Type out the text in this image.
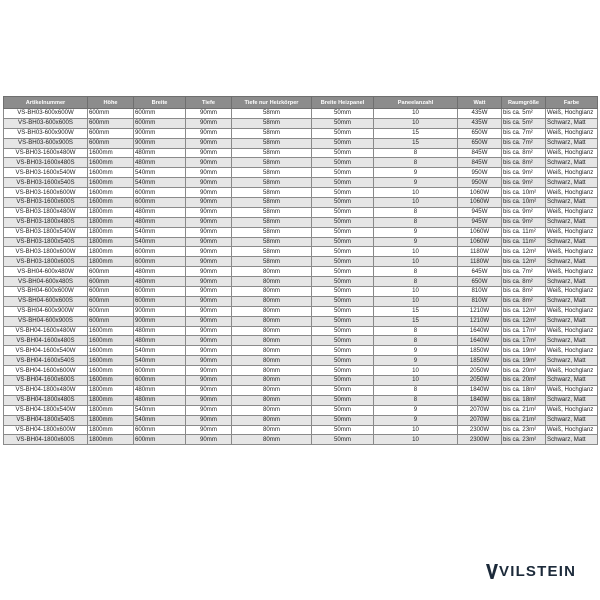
Artikelnummer	Höhe	Breite	Tiefe	Tiefe nur Heizkörper	Breite Heizpanel	Paneelanzahl	Watt	Raumgröße	Farbe
VS-BH03-600x600W	600mm	600mm	90mm	58mm	50mm	10	435W	bis ca. 5m²	Weiß, Hochglanz
VS-BH03-600x600S	600mm	600mm	90mm	58mm	50mm	10	435W	bis ca. 5m²	Schwarz, Matt
VS-BH03-600x900W	600mm	900mm	90mm	58mm	50mm	15	650W	bis ca. 7m²	Weiß, Hochglanz
VS-BH03-600x900S	600mm	900mm	90mm	58mm	50mm	15	650W	bis ca. 7m²	Schwarz, Matt
VS-BH03-1600x480W	1600mm	480mm	90mm	58mm	50mm	8	845W	bis ca. 8m²	Weiß, Hochglanz
VS-BH03-1600x480S	1600mm	480mm	90mm	58mm	50mm	8	845W	bis ca. 8m²	Schwarz, Matt
VS-BH03-1600x540W	1600mm	540mm	90mm	58mm	50mm	9	950W	bis ca. 9m²	Weiß, Hochglanz
VS-BH03-1600x540S	1600mm	540mm	90mm	58mm	50mm	9	950W	bis ca. 9m²	Schwarz, Matt
VS-BH03-1600x600W	1600mm	600mm	90mm	58mm	50mm	10	1060W	bis ca. 10m²	Weiß, Hochglanz
VS-BH03-1600x600S	1600mm	600mm	90mm	58mm	50mm	10	1060W	bis ca. 10m²	Schwarz, Matt
VS-BH03-1800x480W	1800mm	480mm	90mm	58mm	50mm	8	945W	bis ca. 9m²	Weiß, Hochglanz
VS-BH03-1800x480S	1800mm	480mm	90mm	58mm	50mm	8	945W	bis ca. 9m²	Schwarz, Matt
VS-BH03-1800x540W	1800mm	540mm	90mm	58mm	50mm	9	1060W	bis ca. 11m²	Weiß, Hochglanz
VS-BH03-1800x540S	1800mm	540mm	90mm	58mm	50mm	9	1060W	bis ca. 11m²	Schwarz, Matt
VS-BH03-1800x600W	1800mm	600mm	90mm	58mm	50mm	10	1180W	bis ca. 12m²	Weiß, Hochglanz
VS-BH03-1800x600S	1800mm	600mm	90mm	58mm	50mm	10	1180W	bis ca. 12m²	Schwarz, Matt
VS-BH04-600x480W	600mm	480mm	90mm	80mm	50mm	8	645W	bis ca. 7m²	Weiß, Hochglanz
VS-BH04-600x480S	600mm	480mm	90mm	80mm	50mm	8	650W	bis ca. 8m²	Schwarz, Matt
VS-BH04-600x600W	600mm	600mm	90mm	80mm	50mm	10	810W	bis ca. 8m²	Weiß, Hochglanz
VS-BH04-600x600S	600mm	600mm	90mm	80mm	50mm	10	810W	bis ca. 8m²	Schwarz, Matt
VS-BH04-600x900W	600mm	900mm	90mm	80mm	50mm	15	1210W	bis ca. 12m²	Weiß, Hochglanz
VS-BH04-600x900S	600mm	900mm	90mm	80mm	50mm	15	1210W	bis ca. 12m²	Schwarz, Matt
VS-BH04-1600x480W	1600mm	480mm	90mm	80mm	50mm	8	1640W	bis ca. 17m²	Weiß, Hochglanz
VS-BH04-1600x480S	1600mm	480mm	90mm	80mm	50mm	8	1640W	bis ca. 17m²	Schwarz, Matt
VS-BH04-1600x540W	1600mm	540mm	90mm	80mm	50mm	9	1850W	bis ca. 19m²	Weiß, Hochglanz
VS-BH04-1600x540S	1600mm	540mm	90mm	80mm	50mm	9	1850W	bis ca. 19m²	Schwarz, Matt
VS-BH04-1600x600W	1600mm	600mm	90mm	80mm	50mm	10	2050W	bis ca. 20m²	Weiß, Hochglanz
VS-BH04-1600x600S	1600mm	600mm	90mm	80mm	50mm	10	2050W	bis ca. 20m²	Schwarz, Matt
VS-BH04-1800x480W	1800mm	480mm	90mm	80mm	50mm	8	1840W	bis ca. 18m²	Weiß, Hochglanz
VS-BH04-1800x480S	1800mm	480mm	90mm	80mm	50mm	8	1840W	bis ca. 18m²	Schwarz, Matt
VS-BH04-1800x540W	1800mm	540mm	90mm	80mm	50mm	9	2070W	bis ca. 21m²	Weiß, Hochglanz
VS-BH04-1800x540S	1800mm	540mm	90mm	80mm	50mm	9	2070W	bis ca. 21m²	Schwarz, Matt
VS-BH04-1800x600W	1800mm	600mm	90mm	80mm	50mm	10	2300W	bis ca. 23m²	Weiß, Hochglanz
VS-BH04-1800x600S	1800mm	600mm	90mm	80mm	50mm	10	2300W	bis ca. 23m²	Schwarz, Matt
VILSTEIN
